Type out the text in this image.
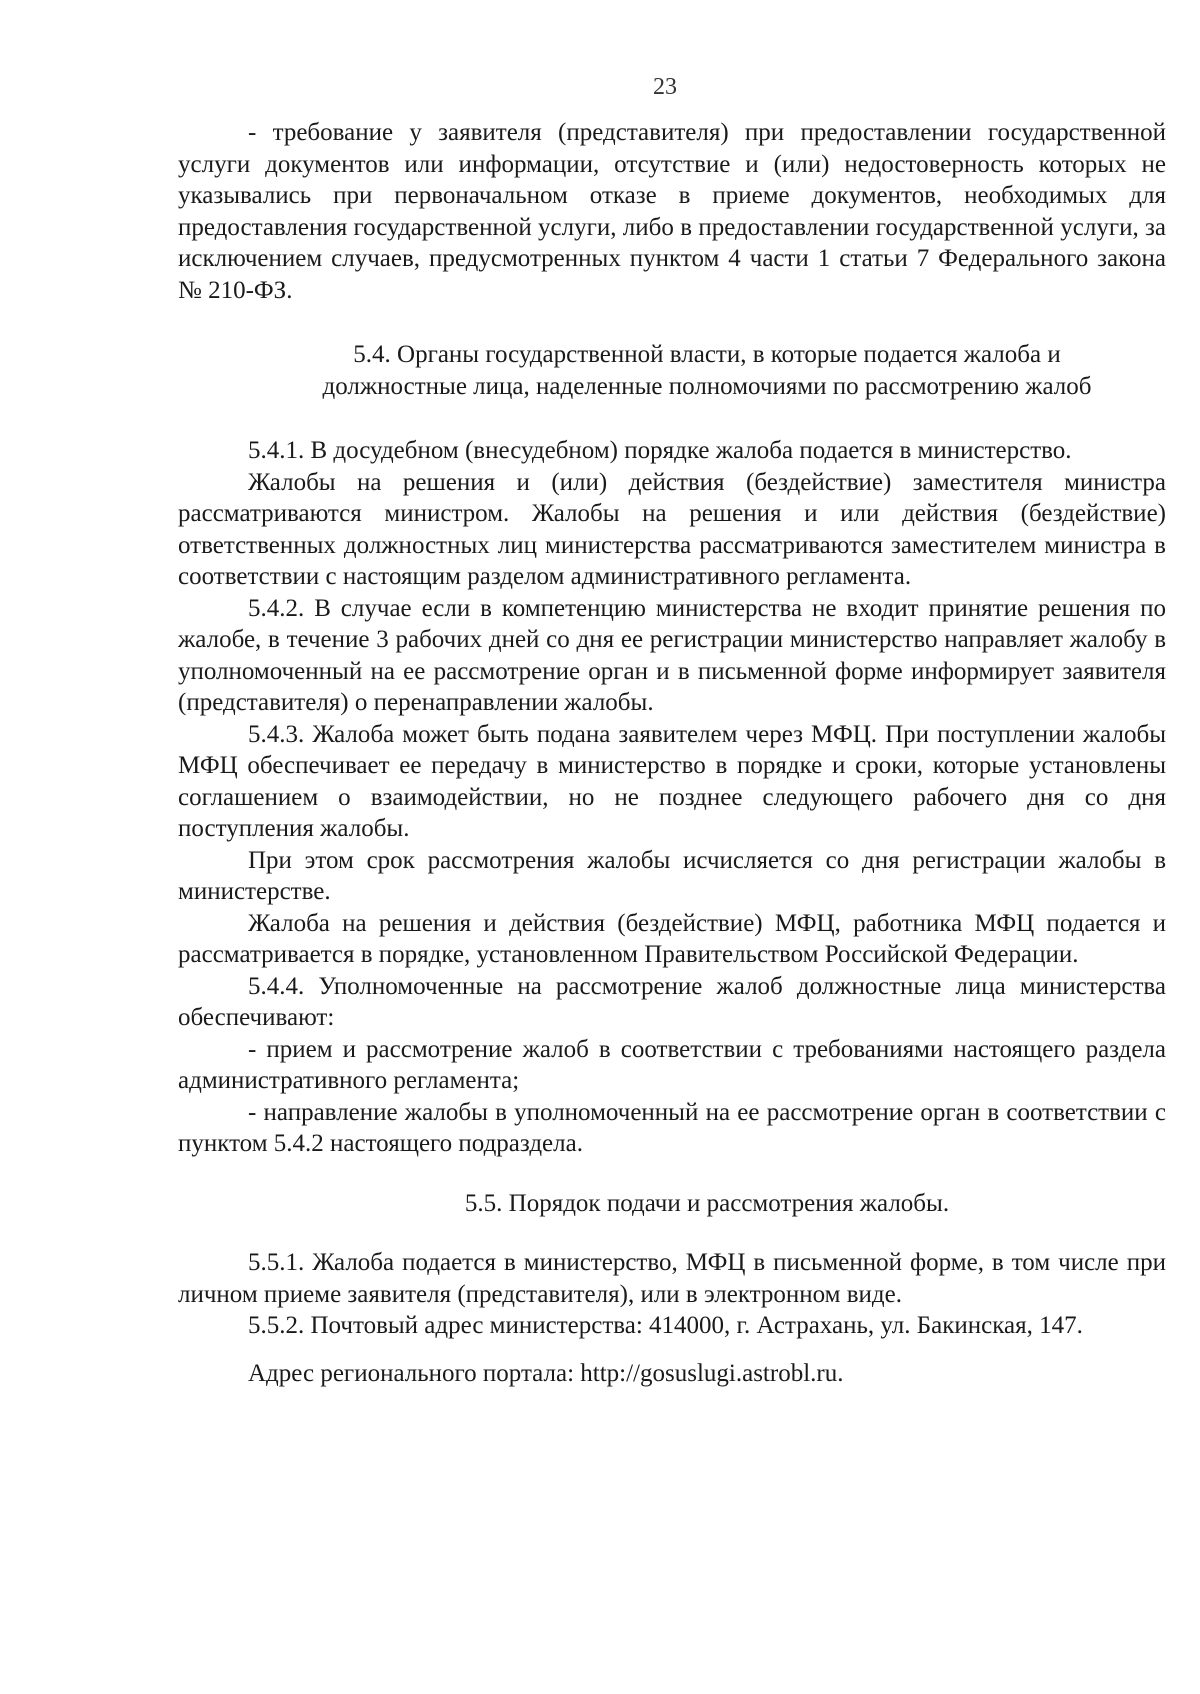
23

- требование у заявителя (представителя) при предоставлении государственной услуги документов или информации, отсутствие и (или) недостоверность которых не указывались при первоначальном отказе в приеме документов, необходимых для предоставления государственной услуги, либо в предоставлении государственной услуги, за исключением случаев, предусмотренных пунктом 4 части 1 статьи 7 Федерального закона № 210-ФЗ.

5.4. Органы государственной власти, в которые подается жалоба и
должностные лица, наделенные полномочиями по рассмотрению жалоб

5.4.1. В досудебном (внесудебном) порядке жалоба подается в министерство.

Жалобы на решения и (или) действия (бездействие) заместителя министра рассматриваются министром. Жалобы на решения и или действия (бездействие) ответственных должностных лиц министерства рассматриваются заместителем министра в соответствии с настоящим разделом административного регламента.

5.4.2. В случае если в компетенцию министерства не входит принятие решения по жалобе, в течение 3 рабочих дней со дня ее регистрации министерство направляет жалобу в уполномоченный на ее рассмотрение орган и в письменной форме информирует заявителя (представителя) о перенаправлении жалобы.

5.4.3. Жалоба может быть подана заявителем через МФЦ. При поступлении жалобы МФЦ обеспечивает ее передачу в министерство в порядке и сроки, которые установлены соглашением о взаимодействии, но не позднее следующего рабочего дня со дня поступления жалобы.

При этом срок рассмотрения жалобы исчисляется со дня регистрации жалобы в министерстве.

Жалоба на решения и действия (бездействие) МФЦ, работника МФЦ подается и рассматривается в порядке, установленном Правительством Российской Федерации.

5.4.4. Уполномоченные на рассмотрение жалоб должностные лица министерства обеспечивают:

- прием и рассмотрение жалоб в соответствии с требованиями настоящего раздела административного регламента;

- направление жалобы в уполномоченный на ее рассмотрение орган в соответствии с пунктом 5.4.2 настоящего подраздела.

5.5. Порядок подачи и рассмотрения жалобы.

5.5.1. Жалоба подается в министерство, МФЦ в письменной форме, в том числе при личном приеме заявителя (представителя), или в электронном виде.

5.5.2. Почтовый адрес министерства: 414000, г. Астрахань, ул. Бакинская, 147.

Адрес регионального портала: http://gosuslugi.astrobl.ru.
